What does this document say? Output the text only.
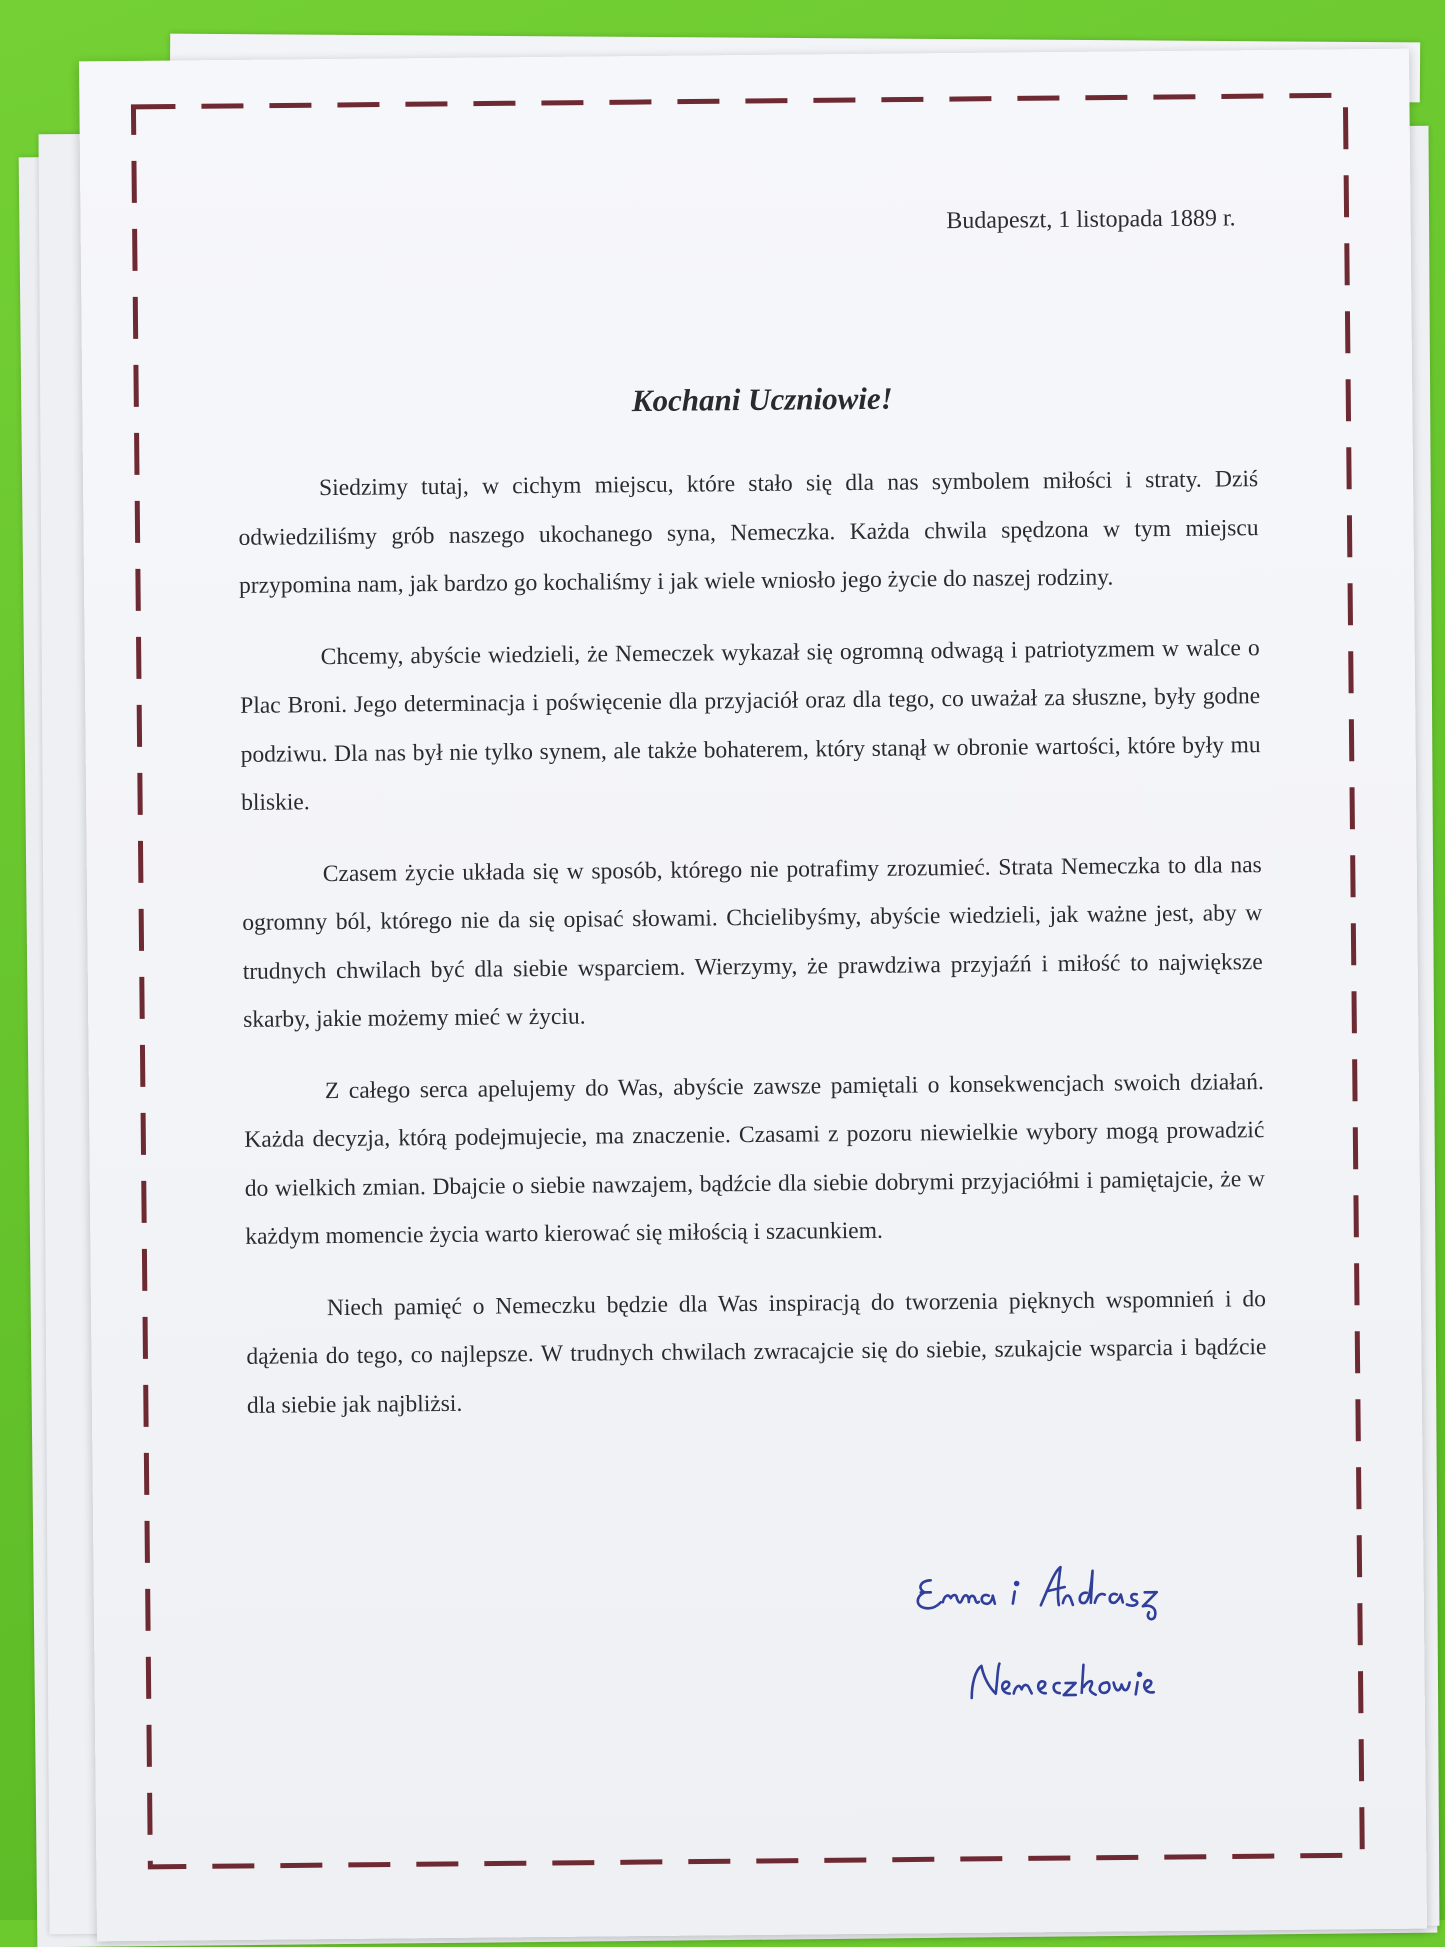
Budapeszt, 1 listopada 1889 r.
Kochani Uczniowie!

Siedzimy tutaj, w cichym miejscu, które stało się dla nas symbolem miłości i straty. Dziś odwiedziliśmy grób naszego ukochanego syna, Nemeczka. Każda chwila spędzona w tym miejscu przypomina nam, jak bardzo go kochaliśmy i jak wiele wniosło jego życie do naszej rodziny.

Chcemy, abyście wiedzieli, że Nemeczek wykazał się ogromną odwagą i patriotyzmem w walce o Plac Broni. Jego determinacja i poświęcenie dla przyjaciół oraz dla tego, co uważał za słuszne, były godne podziwu. Dla nas był nie tylko synem, ale także bohaterem, który stanął w obronie wartości, które były mu bliskie.

Czasem życie układa się w sposób, którego nie potrafimy zrozumieć. Strata Nemeczka to dla nas ogromny ból, którego nie da się opisać słowami. Chcielibyśmy, abyście wiedzieli, jak ważne jest, aby w trudnych chwilach być dla siebie wsparciem. Wierzymy, że prawdziwa przyjaźń i miłość to największe skarby, jakie możemy mieć w życiu.

Z całego serca apelujemy do Was, abyście zawsze pamiętali o konsekwencjach swoich działań. Każda decyzja, którą podejmujecie, ma znaczenie. Czasami z pozoru niewielkie wybory mogą prowadzić do wielkich zmian. Dbajcie o siebie nawzajem, bądźcie dla siebie dobrymi przyjaciółmi i pamiętajcie, że w każdym momencie życia warto kierować się miłością i szacunkiem.

Niech pamięć o Nemeczku będzie dla Was inspiracją do tworzenia pięknych wspomnień i do dążenia do tego, co najlepsze. W trudnych chwilach zwracajcie się do siebie, szukajcie wsparcia i bądźcie dla siebie jak najbliżsi.
